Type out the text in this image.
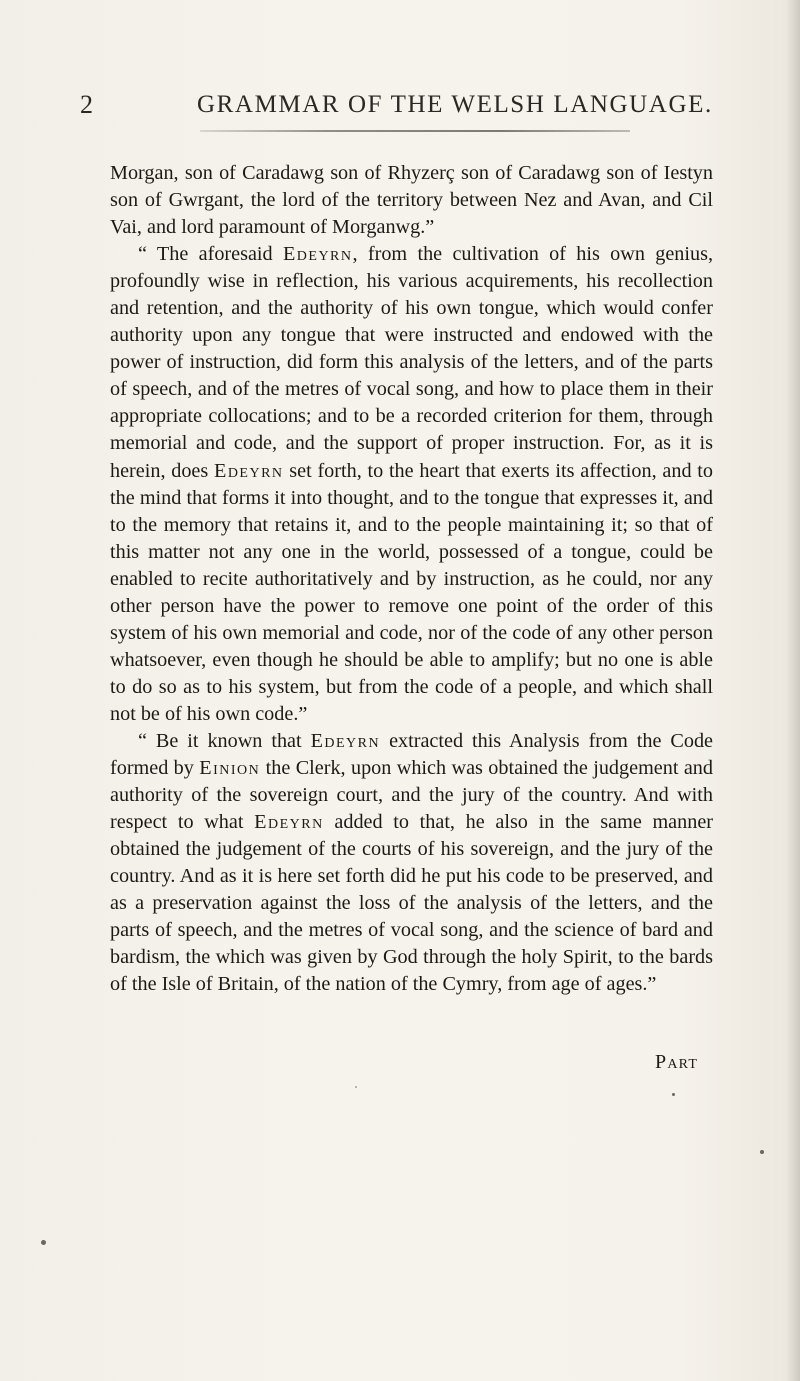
2	GRAMMAR OF THE WELSH LANGUAGE.

Morgan, son of Caradawg son of Rhyzerç son of Caradawg son of Iestyn son of Gwrgant, the lord of the territory between Nez and Avan, and Cil Vai, and lord paramount of Morganwg.”

“ The aforesaid Edeyrn, from the cultivation of his own genius, profoundly wise in reflection, his various acquirements, his recollection and retention, and the authority of his own tongue, which would confer authority upon any tongue that were instructed and endowed with the power of instruction, did form this analysis of the letters, and of the parts of speech, and of the metres of vocal song, and how to place them in their appropriate collocations; and to be a recorded criterion for them, through memorial and code, and the support of proper instruction. For, as it is herein, does Edeyrn set forth, to the heart that exerts its affection, and to the mind that forms it into thought, and to the tongue that expresses it, and to the memory that retains it, and to the people maintaining it; so that of this matter not any one in the world, possessed of a tongue, could be enabled to recite authoritatively and by instruction, as he could, nor any other person have the power to remove one point of the order of this system of his own memorial and code, nor of the code of any other person whatsoever, even though he should be able to amplify; but no one is able to do so as to his system, but from the code of a people, and which shall not be of his own code.”

“ Be it known that Edeyrn extracted this Analysis from the Code formed by Einion the Clerk, upon which was obtained the judgement and authority of the sovereign court, and the jury of the country. And with respect to what Edeyrn added to that, he also in the same manner obtained the judgement of the courts of his sovereign, and the jury of the country. And as it is here set forth did he put his code to be preserved, and as a preservation against the loss of the analysis of the letters, and the parts of speech, and the metres of vocal song, and the science of bard and bardism, the which was given by God through the holy Spirit, to the bards of the Isle of Britain, of the nation of the Cymry, from age of ages.”

Part
